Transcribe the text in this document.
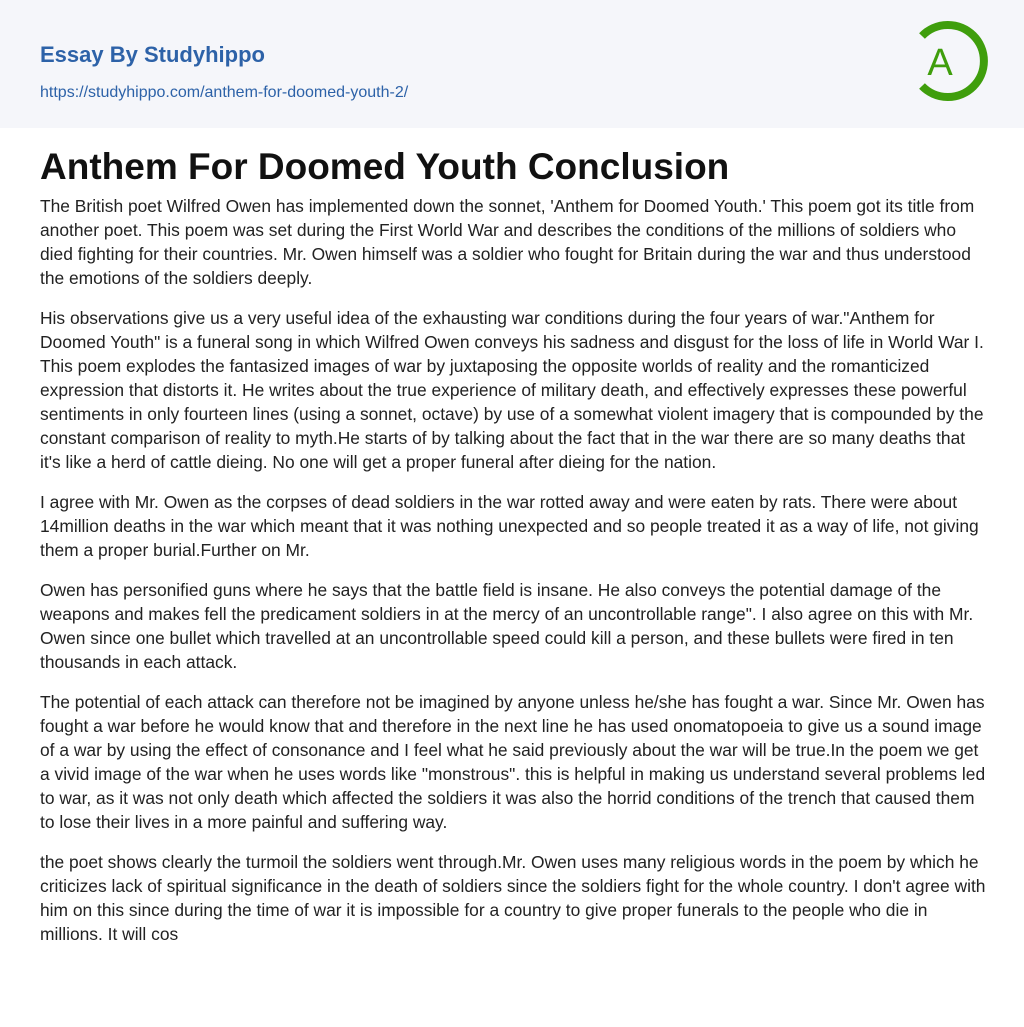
Essay By Studyhippo
https://studyhippo.com/anthem-for-doomed-youth-2/
A
Anthem For Doomed Youth Conclusion

The British poet Wilfred Owen has implemented down the sonnet, 'Anthem for Doomed Youth.' This poem got its title from another poet. This poem was set during the First World War and describes the conditions of the millions of soldiers who died fighting for their countries. Mr. Owen himself was a soldier who fought for Britain during the war and thus understood the emotions of the soldiers deeply.

His observations give us a very useful idea of the exhausting war conditions during the four years of war."Anthem for Doomed Youth" is a funeral song in which Wilfred Owen conveys his sadness and disgust for the loss of life in World War I. This poem explodes the fantasized images of war by juxtaposing the opposite worlds of reality and the romanticized expression that distorts it. He writes about the true experience of military death, and effectively expresses these powerful sentiments in only fourteen lines (using a sonnet, octave) by use of a somewhat violent imagery that is compounded by the constant comparison of reality to myth.He starts of by talking about the fact that in the war there are so many deaths that it's like a herd of cattle dieing. No one will get a proper funeral after dieing for the nation.

I agree with Mr. Owen as the corpses of dead soldiers in the war rotted away and were eaten by rats. There were about 14million deaths in the war which meant that it was nothing unexpected and so people treated it as a way of life, not giving them a proper burial.Further on Mr.

Owen has personified guns where he says that the battle field is insane. He also conveys the potential damage of the weapons and makes fell the predicament soldiers in at the mercy of an uncontrollable range". I also agree on this with Mr. Owen since one bullet which travelled at an uncontrollable speed could kill a person, and these bullets were fired in ten thousands in each attack.

The potential of each attack can therefore not be imagined by anyone unless he/she has fought a war. Since Mr. Owen has fought a war before he would know that and therefore in the next line he has used onomatopoeia to give us a sound image of a war by using the effect of consonance and I feel what he said previously about the war will be true.In the poem we get a vivid image of the war when he uses words like "monstrous". this is helpful in making us understand several problems led to war, as it was not only death which affected the soldiers it was also the horrid conditions of the trench that caused them to lose their lives in a more painful and suffering way.

the poet shows clearly the turmoil the soldiers went through.Mr. Owen uses many religious words in the poem by which he criticizes lack of spiritual significance in the death of soldiers since the soldiers fight for the whole country. I don't agree with him on this since during the time of war it is impossible for a country to give proper funerals to the people who die in millions. It will cos
